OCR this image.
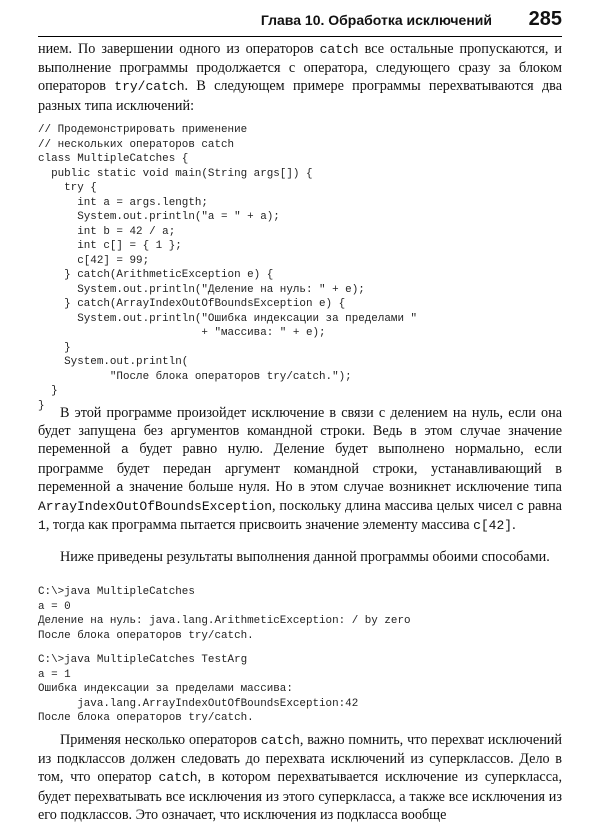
Глава 10. Обработка исключений 285

нием. По завершении одного из операторов catch все остальные пропускаются, и выполнение программы продолжается с оператора, следующего сразу за блоком операторов try/catch. В следующем примере программы перехватываются два разных типа исключений:

// Продемонстрировать применение
// нескольких операторов catch
class MultipleCatches {
public static void main(String args[]) {
try {
int a = args.length;
System.out.println("a = " + a);
int b = 42 / a;
int c[] = { 1 };
c[42] = 99;
} catch(ArithmeticException e) {
System.out.println("Деление на нуль: " + e);
} catch(ArrayIndexOutOfBoundsException e) {
System.out.println("Ошибка индексации за пределами "
+ "массива: " + e);
}
System.out.println(
"После блока операторов try/catch.");
}
}	В этой программе произойдет исключение в связи с делением на нуль, если она будет запущена без аргументов командной строки. Ведь в этом случае значение переменной a будет равно нулю. Деление будет выполнено нормально, если программе будет передан аргумент командной строки, устанавливающий в переменной a значение больше нуля. Но в этом случае возникнет исключение типа ArrayIndexOutOfBoundsException, поскольку длина массива целых чисел c равна 1, тогда как программа пытается присвоить значение элементу массива c[42].

Ниже приведены результаты выполнения данной программы обоими способами.

C:\>java MultipleCatches
a = 0
Деление на нуль: java.lang.ArithmeticException: / by zero
После блока операторов try/catch.
C:\>java MultipleCatches TestArg
a = 1
Ошибка индексации за пределами массива:
java.lang.ArrayIndexOutOfBoundsException:42
После блока операторов try/catch.

Применяя несколько операторов catch, важно помнить, что перехват исключений из подклассов должен следовать до перехвата исключений из суперклассов. Дело в том, что оператор catch, в котором перехватывается исключение из суперкласса, будет перехватывать все исключения из этого суперкласса, а также все исключения из его подклассов. Это означает, что исключения из подкласса вообще
